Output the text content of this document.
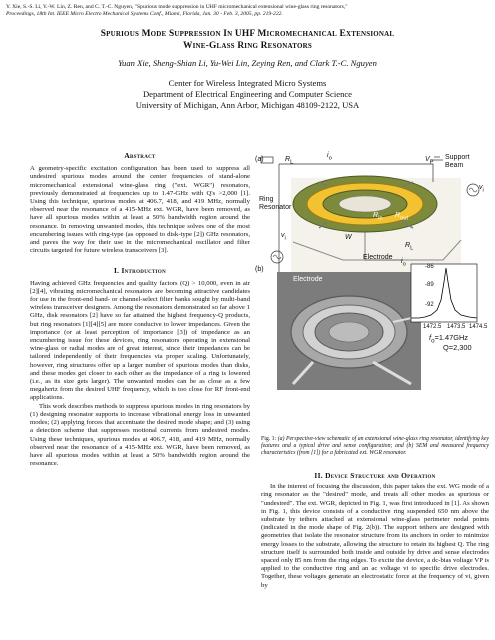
Y. Xie, S.-S. Li, Y.-W. Lin, Z. Ren, and C. T.-C. Nguyen, "Spurious mode suppression in UHF micromechanical extensional wine-glass ring resonators,"
Proceedings, 18th Int. IEEE Micro Electro Mechanical Systems Conf., Miami, Florida, Jan. 30 - Feb. 3, 2005, pp. 219-222.
Spurious Mode Suppression In UHF Micromechanical Extensional
Wine-Glass Ring Resonators
Yuan Xie, Sheng-Shian Li, Yu-Wei Lin, Zeying Ren, and Clark T.-C. Nguyen
Center for Wireless Integrated Micro Systems
Department of Electrical Engineering and Computer Science
University of Michigan, Ann Arbor, Michigan 48109-2122, USA
Abstract
A geometry-specific excitation configuration has been used to suppress all undesired spurious modes around the center frequencies of stand-alone micromechanical extensional wine-glass ring ("ext. WGR") resonators, previously demonstrated at frequencies up to 1.47-GHz with Q's >2,000 [1]. Using this technique, spurious modes at 406.7, 418, and 419 MHz, normally observed near the resonance of a 415-MHz ext. WGR, have been removed, as have all spurious modes within at least a 50% bandwidth region around the resonance. In removing unwanted modes, this technique solves one of the most encumbering issues with ring-type (as opposed to disk-type [2]) GHz resonators, and paves the way for their use in the micromechanical oscillator and filter circuits targeted for future wireless transceivers [3].
I. Introduction
Having achieved GHz frequencies and quality factors (Q) > 10,000, even in air [2][4], vibrating micromechanical resonators are becoming attractive candidates for use in the front-end band- or channel-select filter banks sought by multi-band wireless transceiver designers. Among the resonators demonstrated so far above 1 GHz, disk resonators [2] have so far attained the highest frequency-Q products, but ring resonators [1][4][5] are more conducive to lower impedances. Given the importance (or at least perception of importance [3]) of impedance as an encumbering issue for these devices, ring resonators operating in extensional wine-glass or radial modes are of great interest, since their impedances can be tailored independently of their frequencies via proper scaling. Unfortunately, however, ring structures offer up a larger number of spurious modes than disks, and these modes get closer to each other as the impedance of a ring is lowered (i.e., as its size gets larger). The unwanted modes can be as close as a few megahertz from the desired UHF frequency, which is too close for RF front-end applications.
This work describes methods to suppress spurious modes in ring resonators by (1) designing resonator supports to increase vibrational energy loss in unwanted modes; (2) applying forces that accentuate the desired mode shape; and (3) using a detection scheme that suppresses motional currents from undesired modes. Using these techniques, spurious modes at 406.7, 418, and 419 MHz, normally observed near the resonance of a 415-MHz ext. WGR, have been removed, as have all spurious modes within at least a 50% bandwidth region around the resonance.
(a)
(b)
$R_L$
$i_o$	$V_P$
Support
Beam
$v_i$
Ring
Resonator
$v_i$
$R_{in}$ $R_{out}$
W
$R_L$
Electrode
$i_o$
Electrode
Ring
Resonator	Interconnect
Support
Beam
-86
-89
-92
1472.5 1473.5 1474.5
$f_o=1.47GHz$
Q=2,300
Fig. 1: (a) Perspective-view schematic of an extensional wine-glass ring resonator, identifying key features and a typical drive and sense configuration; and (b) SEM and measured frequency characteristics (from [1]) for a fabricated ext. WGR resonator.
II. Device Structure and Operation
In the interest of focusing the discussion, this paper takes the ext. WG mode of a ring resonator as the "desired" mode, and treats all other modes as spurious or "undesired". The ext. WGR, depicted in Fig. 1, was first introduced in [1]. As shown in Fig. 1, this device consists of a conductive ring suspended 650 nm above the substrate by tethers attached at extensional wine-glass perimeter nodal points (indicated in the mode shape of Fig. 2(b)). The support tethers are designed with geometries that isolate the resonator structure from its anchors in order to minimize energy losses to the substrate, allowing the structure to retain its highest Q. The ring structure itself is surrounded both inside and outside by drive and sense electrodes spaced only 85 nm from the ring edges. To excite the device, a dc-bias voltage VP is applied to the conductive ring and an ac voltage vi to specific drive electrodes. Together, these voltages generate an electrostatic force at the frequency of vi, given by
